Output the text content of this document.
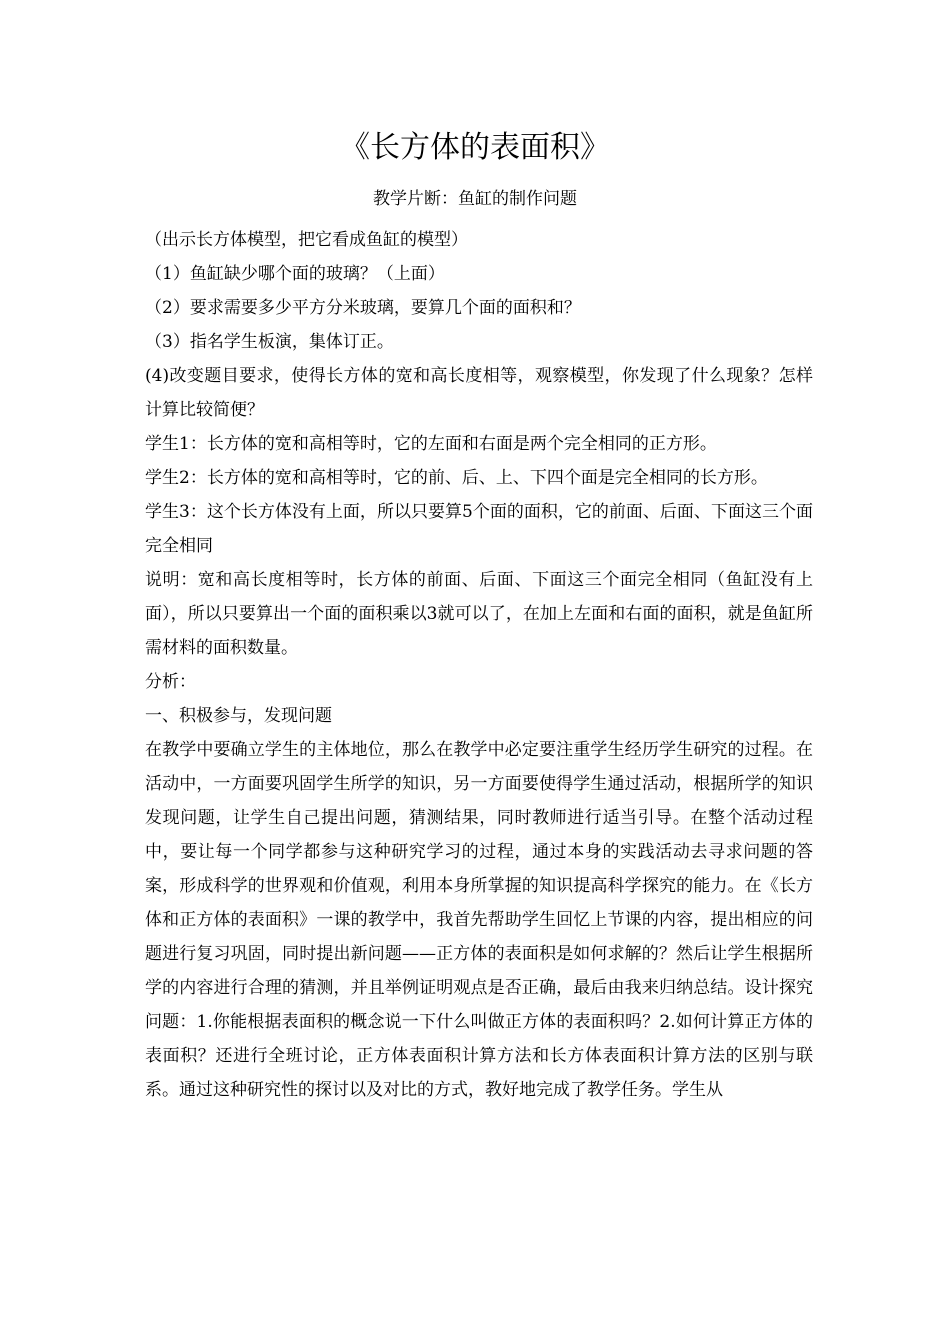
《长方体的表面积》
教学片断：鱼缸的制作问题

（出示长方体模型，把它看成鱼缸的模型）

（1）鱼缸缺少哪个面的玻璃？（上面）

（2）要求需要多少平方分米玻璃，要算几个面的面积和？

（3）指名学生板演，集体订正。

(4)改变题目要求，使得长方体的宽和高长度相等，观察模型，你发现了什么现象？怎样计算比较简便？

学生1：长方体的宽和高相等时，它的左面和右面是两个完全相同的正方形。

学生2：长方体的宽和高相等时，它的前、后、上、下四个面是完全相同的长方形。

学生3：这个长方体没有上面，所以只要算5个面的面积，它的前面、后面、下面这三个面完全相同

说明：宽和高长度相等时，长方体的前面、后面、下面这三个面完全相同（鱼缸没有上面），所以只要算出一个面的面积乘以3就可以了，在加上左面和右面的面积，就是鱼缸所需材料的面积数量。

分析：

一、积极参与，发现问题

在教学中要确立学生的主体地位，那么在教学中必定要注重学生经历学生研究的过程。在活动中，一方面要巩固学生所学的知识，另一方面要使得学生通过活动，根据所学的知识发现问题，让学生自己提出问题，猜测结果，同时教师进行适当引导。在整个活动过程中，要让每一个同学都参与这种研究学习的过程，通过本身的实践活动去寻求问题的答案，形成科学的世界观和价值观，利用本身所掌握的知识提高科学探究的能力。在《长方体和正方体的表面积》一课的教学中，我首先帮助学生回忆上节课的内容，提出相应的问题进行复习巩固，同时提出新问题——正方体的表面积是如何求解的？然后让学生根据所学的内容进行合理的猜测，并且举例证明观点是否正确，最后由我来归纳总结。设计探究问题：1.你能根据表面积的概念说一下什么叫做正方体的表面积吗？2.如何计算正方体的表面积？还进行全班讨论，正方体表面积计算方法和长方体表面积计算方法的区别与联系。通过这种研究性的探讨以及对比的方式，教好地完成了教学任务。学生从
